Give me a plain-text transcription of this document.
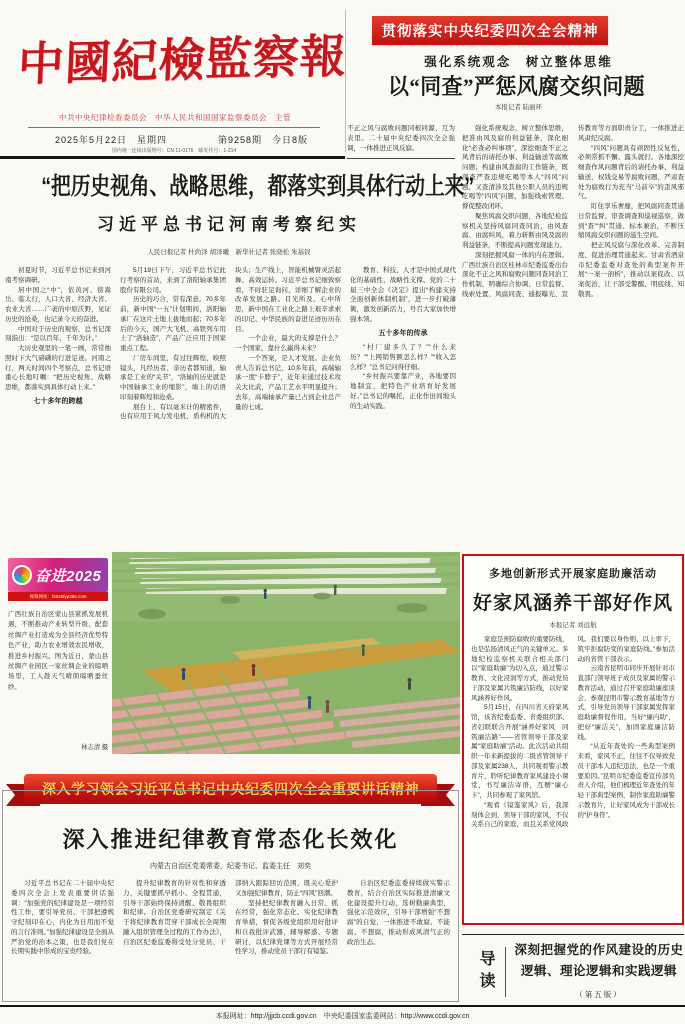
中國紀檢監察報
中共中央纪律检查委员会　中华人民共和国国家监察委员会　主管
2025年5月22日　星期四	第9258期　今日8版
国内统一连续出版物号：CN 11-0176　邮发代号：1-214
贯彻落实中央纪委四次全会精神
强化系统观念　树立整体思维
以“同查”严惩风腐交织问题
本报记者 陆丽环
不正之风与腐败问题同根同源、互为表里。二十届中央纪委四次全会强调，一体推进正风反腐。

强化系统观念，树立整体思维，把准由风及腐的利益链条，深化细化“必查必纠事项”，深挖细查不正之风背后的请托办事、利益输送等腐败问题；构建由风查腐的工作链条，既深查严查违规吃喝等本人“四风”问题，又查清涉及其他公职人员的违规吃喝等“四风”问题，加强线索管理、督促整改闭环。

聚焦风腐交织问题，各地纪检监察机关坚持风腐同查同治，由风查腐、由腐纠风，着力斩断由风及腐的利益链条，不断提高问题发现能力。

深刻把握风腐一体的内在逻辑。广西壮族自治区桂林市纪委监委出台深化不正之风和腐败问题同查同治工作机制，明确综合协调、日常监督、线索处置、风腐同查、通报曝光、宣传教育等方面职责分工，一体推进正风肃纪反腐。

“四风”问题具有顽固性反复性，必须常抓不懈、露头就打。各地深挖细查作风问题背后的请托办事、利益输送、权钱交易等腐败问题，严肃查处为腐败行为充当“马前卒”的歪风邪气。

盯住享乐奢靡，把风腐同查贯通日常监督、审查调查和巡视巡察，做到“查”“纠”贯通、标本兼治，不断压缩风腐交织问题的滋生空间。

把正风反腐与深化改革、完善制度、促进治理贯通起来。甘肃省酒泉市纪委监委对查处的典型案件开展“一案一剖析”，推动以案促改、以案促治，让干部受警醒、明底线、知敬畏。

“把历史视角、战略思维，都落实到具体行动上来”
习近平总书记河南考察纪实
人民日报记者 杜尚泽 胡泽曦　新华社记者 张晓松 朱基钗

初夏时节，习近平总书记来到河南考察调研。

居中国之“中”，依黄河、傍嵩岳、临太行，人口大省、经济大省、农业大省……广袤的中原沃野，见证历史的沧桑，也记录今天的奋进。

中国对于历史的观察，总书记深刻指出：“是以百年、千年为计。”

大历史观里的一笔一画，常常烛照时下大气磅礴的行进足迹。河南之行，两天时间四个考察点，总书记语重心长地叮嘱：“把历史视角、战略思维，都落实到具体行动上来。”

七十多年的跨越

5月19日下午，习近平总书记此行考察的首站，来到了洛阳轴承集团股份有限公司。

历史的巧合，常有深意。70多年前，新中国“一五”计划期间，洛阳轴承厂在这片土地上拔地而起；70多年后的今天，国产大飞机、高铁列车用上了“洛轴造”，产品广泛应用于国家重点工程。

厂房车间里，有过往辉煌，映照镜头，凡经历者、亲历者都知道，轴承是工业的“关节”，“洛轴的历史就是中国轴承工业的缩影”，墙上的话语印刻着辉煌和沧桑。

展台上，有以毫米计的精密件，也有应用于风力发电机、盾构机的大块头；生产线上，智能机械臂灵活起舞、高效运转。习近平总书记细致察看，不时驻足询问，详细了解企业的改革发展之路。目光所及、心中所思，新中国在工业化之路上艰辛求索的印记、中华民族的奋进足迹历历在目。

一个企业，最大的支撑是什么？一个国家，靠什么赢得未来？

一个答案，是人才发展。企业负责人告诉总书记，10多年前，高端轴承一度“卡脖子”，近年来通过技术攻关大比武，产品工艺水平明显提升；去年，高端轴承产量已占到企业总产量的七成。

教育、科技、人才是中国式现代化的基础性、战略性支撑。党的二十届三中全会《决定》提出“构建支持全面创新体制机制”，进一步打破藩篱，激发创新活力，号召大家加快增强本领。

五十多年的传承

“村厂建多久了？”“什么来历？”“上网销售额怎么样？”“收入怎么样？”总书记问得仔细。

“乡村振兴要靠产业，各地要因地制宜，把特色产业培育好发展好。”总书记的嘱托，正化作田间地头的生动实践。

奋进2025
视频网址：f2025fyp365.com
广西壮族自治区蒙山县紧抓发展机遇，不断推动产业转型升级，配套丝绸产业打造成为全县经济优势特色产业，助力农业增效农民增收，推进乡村振兴。图为近日，蒙山县丝绸产业园区一家丝绸企业的晾晒场里，工人趁天气晴朗晾晒蚕丝纱。
林志清 摄
多地创新形式开展家庭助廉活动
好家风涵养干部好作风
本报记者 刘远航

家庭是预防腐败的重要防线，也是弘扬清风正气的关键单元。多地纪检监察机关联合相关部门以“家庭助廉”为切入点，通过警示教育、文化浸润等方式，推动党员干部及家属共筑廉洁防线，以好家风涵养好作风。

5月15日，在四川省天府家风馆，该省纪委监委、省委组织部、省妇联联合开展“涵养好家风　同筑廉洁路”——省管领导干部及家属“家庭助廉”活动。此次活动共组织一年来新提拔的二级省管领导干部及家属238人，共同观看警示教育片，聆听纪律教育家风建设小课堂，书写廉洁寄语，互赠“廉心卡”，共同参观了家风馆。

“观看《镜鉴家风》后，我深刻体会到，领导干部的家风，不仅关系自己的家庭，而且关系党风政风。我们要以身作则、以上率下，筑牢拒腐防变的家庭防线。”参加活动的省管干部表示。

云南省昆明市同步开展针对市直部门领导班子成员及家属的警示教育活动，通过召开家庭助廉座谈会、参观昆明市警示教育基地等方式，引导党员领导干部家属发挥家庭助廉督促作用，当好“廉内助”，把好“廉洁关”，加固家庭廉洁防线。

“从近年查处的一些典型案例来看，家风不正，往往不仅导致党员干部本人违纪违法，也是一个重要原因。”昆明市纪委监委宣传部负责人介绍，他们梳理近年查处的年轻干部典型案例，制作家庭助廉警示教育片，让好家风成为干部成长的“护身符”。

深入学习领会习近平总书记中央纪委四次全会重要讲话精神
深入推进纪律教育常态化长效化
内蒙古自治区党委常委，纪委书记、监委主任　刘奕

习近平总书记在二十届中央纪委四次全会上发表重要讲话强调：“加强党的纪律建设是一项经常性工作，要引导党员、干部把遵规守纪刻印在心，内化为日用而不觉的言行准则。”加强纪律建设是全面从严治党的治本之策，也是我们党在长期实践中形成的宝贵经验。

提升纪律教育的针对性和穿透力，关键要抓早抓小、全程贯通，引导干部始终保持清醒、敬畏组织和纪律。自治区党委研究制定《关于将纪律教育贯穿干部成长全周期融入组织管理全过程的工作办法》，自治区纪委监委将受处分党员、干部纳入跟踪回访范围，既关心爱护又加强纪律教育，防止“四风”回潮。

坚持把纪律教育融入日常、抓在经常，强化常态化、实化纪律教育举措，督促各级党组织用好批评和自我批评武器，辅导解惑、专题研讨，以纪律党课等方式开展经常性学习，推动党员干部行有镜鉴。

自治区纪委监委持续做实警示教育，结合自治区实际推进清廉文化建设提升行动，选树勤廉典型，强化示范效应，引导干部增强“不想腐”的自觉，一体推进不敢腐、不能腐、不想腐，推动形成风清气正的政治生态。

导读 深刻把握党的作风建设的历史逻辑、理论逻辑和实践逻辑
（第五版）
本报网址：http://jjjcb.ccdi.gov.cn　中央纪委国家监委网站：http://www.ccdi.gov.cn
